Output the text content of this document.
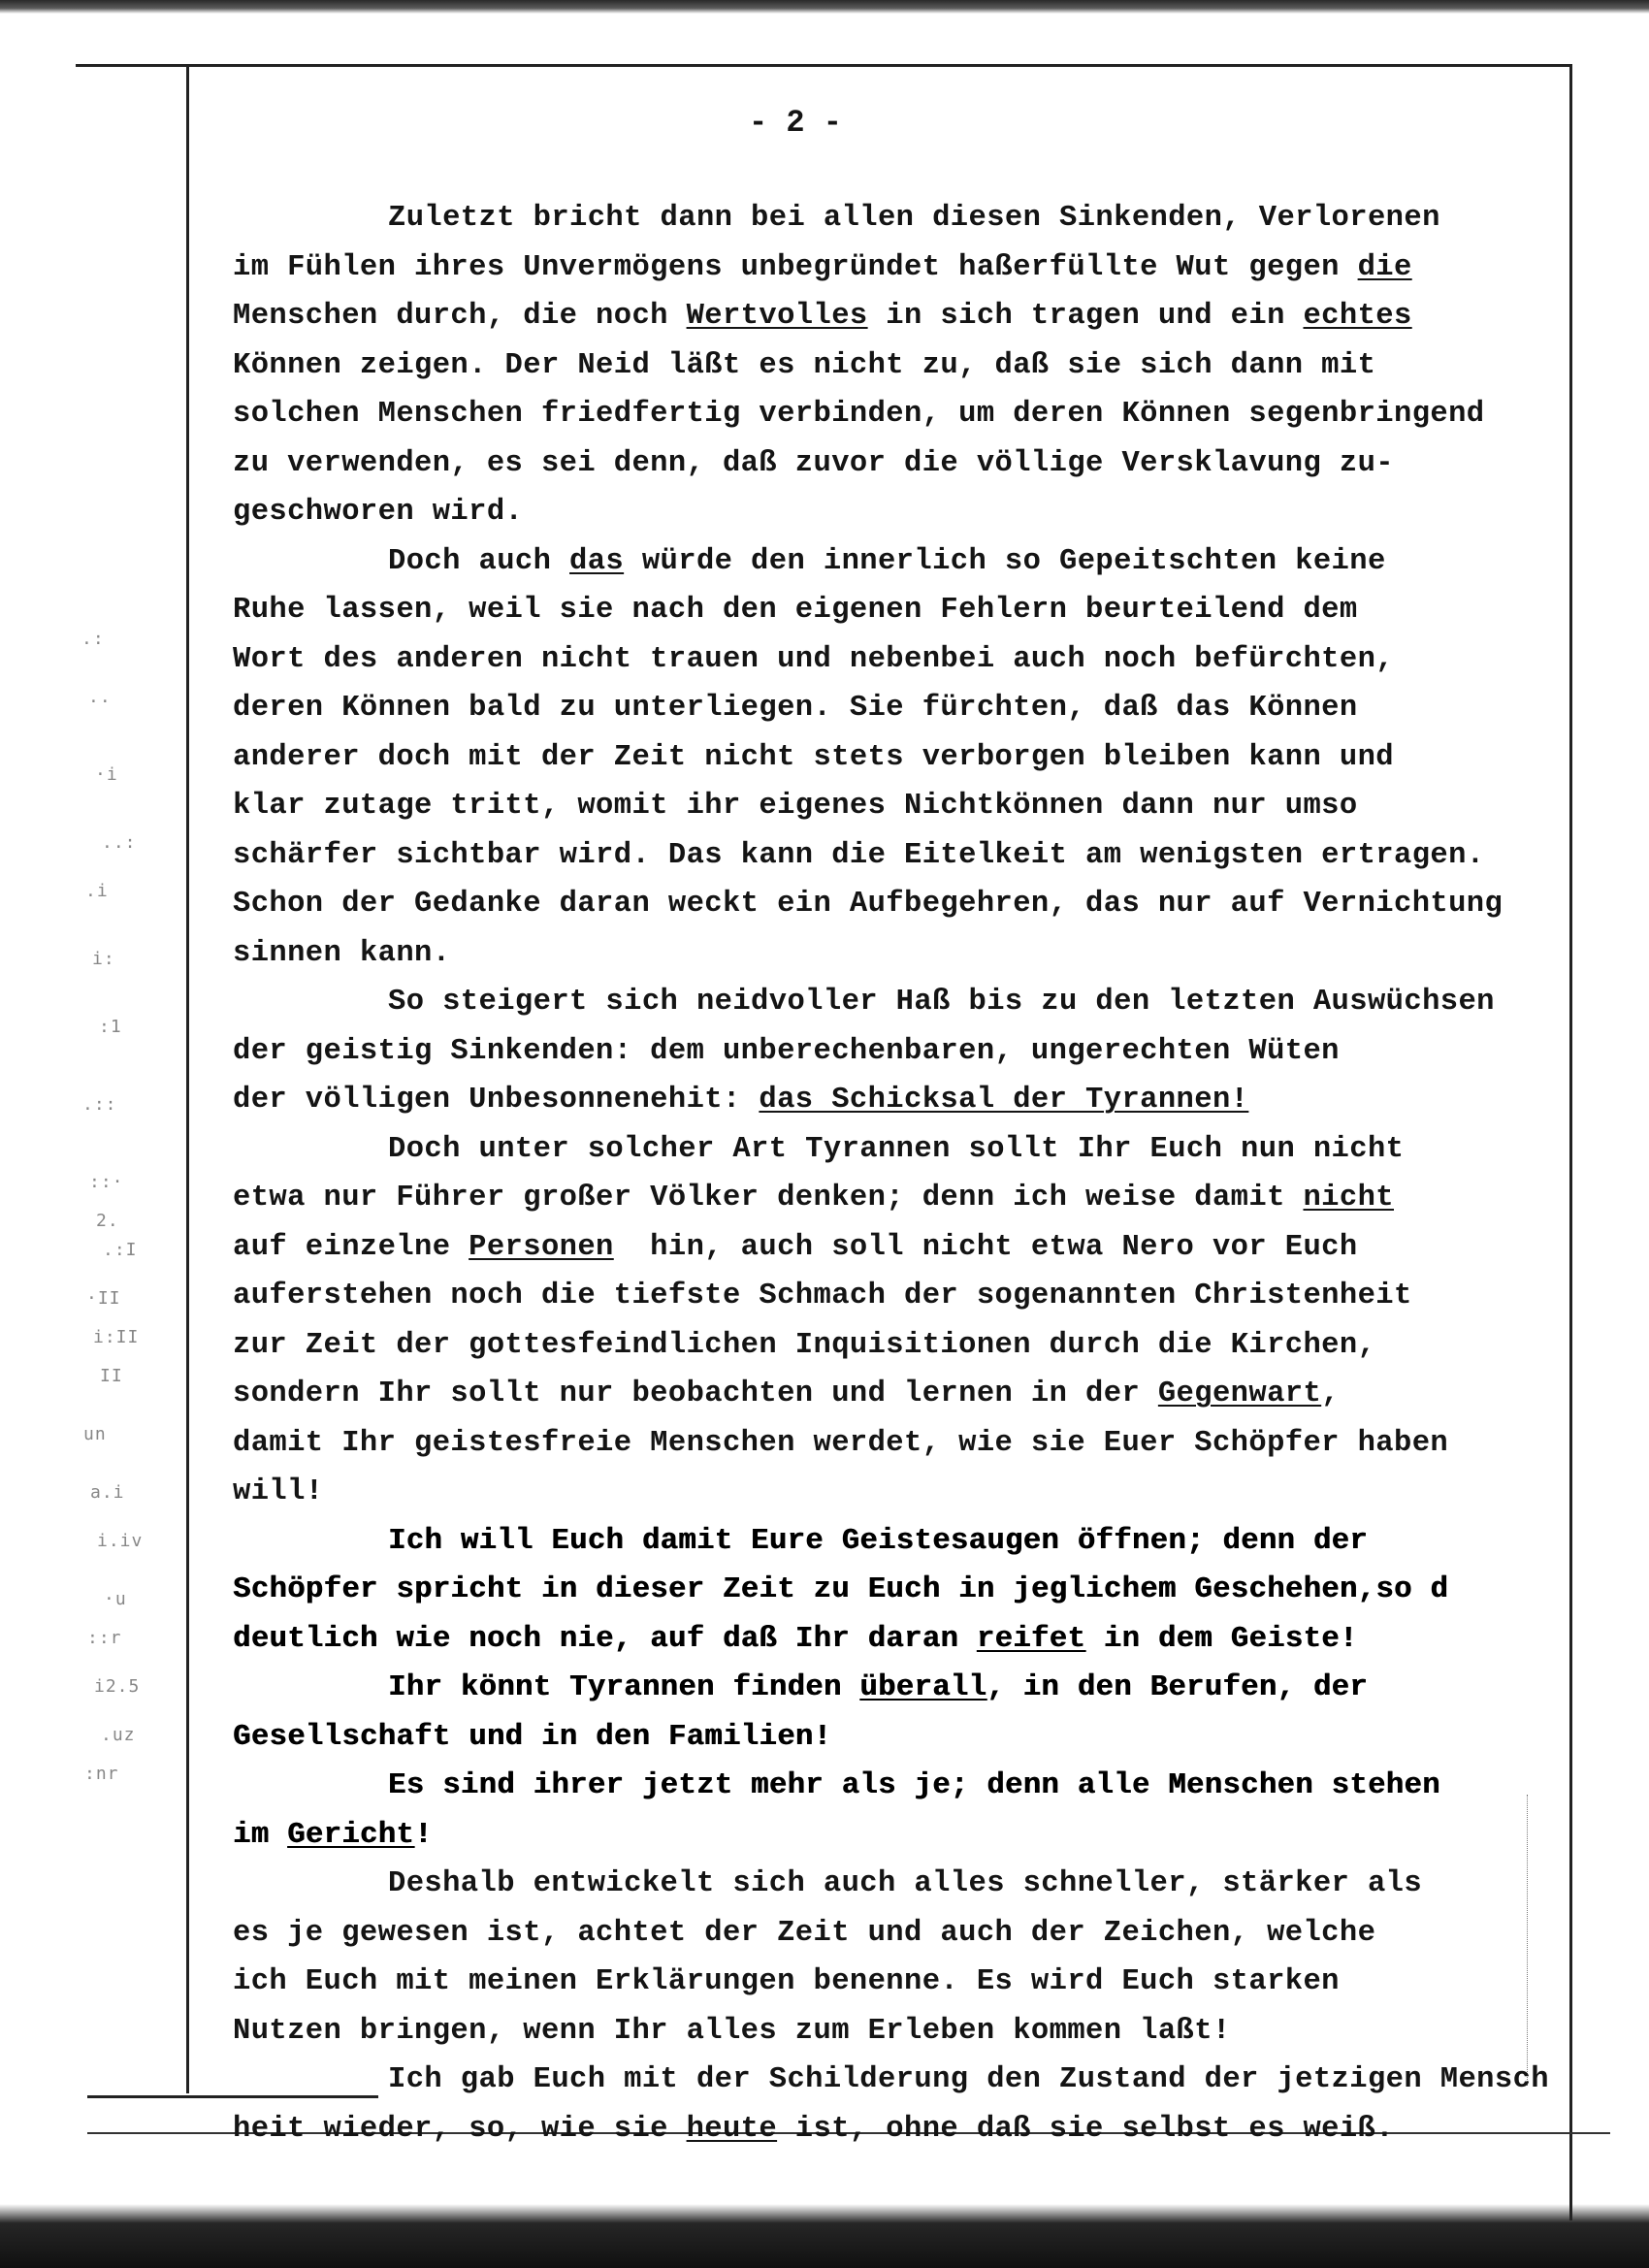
.:
..
·i
..:
.i
i:
:1
.::
::·
2.
.:I
·II
i:II
II
un
a.i
i.iv
·u
::r
i2.5
.uz
:nr
- 2 -
Zuletzt bricht dann bei allen diesen Sinkenden, Verlorenen
im Fühlen ihres Unvermögens unbegründet haßerfüllte Wut gegen die
Menschen durch, die noch Wertvolles in sich tragen und ein echtes
Können zeigen. Der Neid läßt es nicht zu, daß sie sich dann mit
solchen Menschen friedfertig verbinden, um deren Können segenbringend
zu verwenden, es sei denn, daß zuvor die völlige Versklavung zu-
geschworen wird.
Doch auch das würde den innerlich so Gepeitschten keine
Ruhe lassen, weil sie nach den eigenen Fehlern beurteilend dem
Wort des anderen nicht trauen und nebenbei auch noch befürchten,
deren Können bald zu unterliegen. Sie fürchten, daß das Können
anderer doch mit der Zeit nicht stets verborgen bleiben kann und
klar zutage tritt, womit ihr eigenes Nichtkönnen dann nur umso
schärfer sichtbar wird. Das kann die Eitelkeit am wenigsten ertragen.
Schon der Gedanke daran weckt ein Aufbegehren, das nur auf Vernichtung
sinnen kann.
So steigert sich neidvoller Haß bis zu den letzten Auswüchsen
der geistig Sinkenden: dem unberechenbaren, ungerechten Wüten
der völligen Unbesonnenehit: das Schicksal der Tyrannen!
Doch unter solcher Art Tyrannen sollt Ihr Euch nun nicht
etwa nur Führer großer Völker denken; denn ich weise damit nicht
auf einzelne Personen  hin, auch soll nicht etwa Nero vor Euch
auferstehen noch die tiefste Schmach der sogenannten Christenheit
zur Zeit der gottesfeindlichen Inquisitionen durch die Kirchen,
sondern Ihr sollt nur beobachten und lernen in der Gegenwart,
damit Ihr geistesfreie Menschen werdet, wie sie Euer Schöpfer haben
will!
Ich will Euch damit Eure Geistesaugen öffnen; denn der
Schöpfer spricht in dieser Zeit zu Euch in jeglichem Geschehen,so d
deutlich wie noch nie, auf daß Ihr daran reifet in dem Geiste!
Ihr könnt Tyrannen finden überall, in den Berufen, der
Gesellschaft und in den Familien!
Es sind ihrer jetzt mehr als je; denn alle Menschen stehen
im Gericht!
Deshalb entwickelt sich auch alles schneller, stärker als
es je gewesen ist, achtet der Zeit und auch der Zeichen, welche
ich Euch mit meinen Erklärungen benenne. Es wird Euch starken
Nutzen bringen, wenn Ihr alles zum Erleben kommen laßt!
Ich gab Euch mit der Schilderung den Zustand der jetzigen Mensch
heit wieder, so, wie sie heute ist, ohne daß sie selbst es weiß.
